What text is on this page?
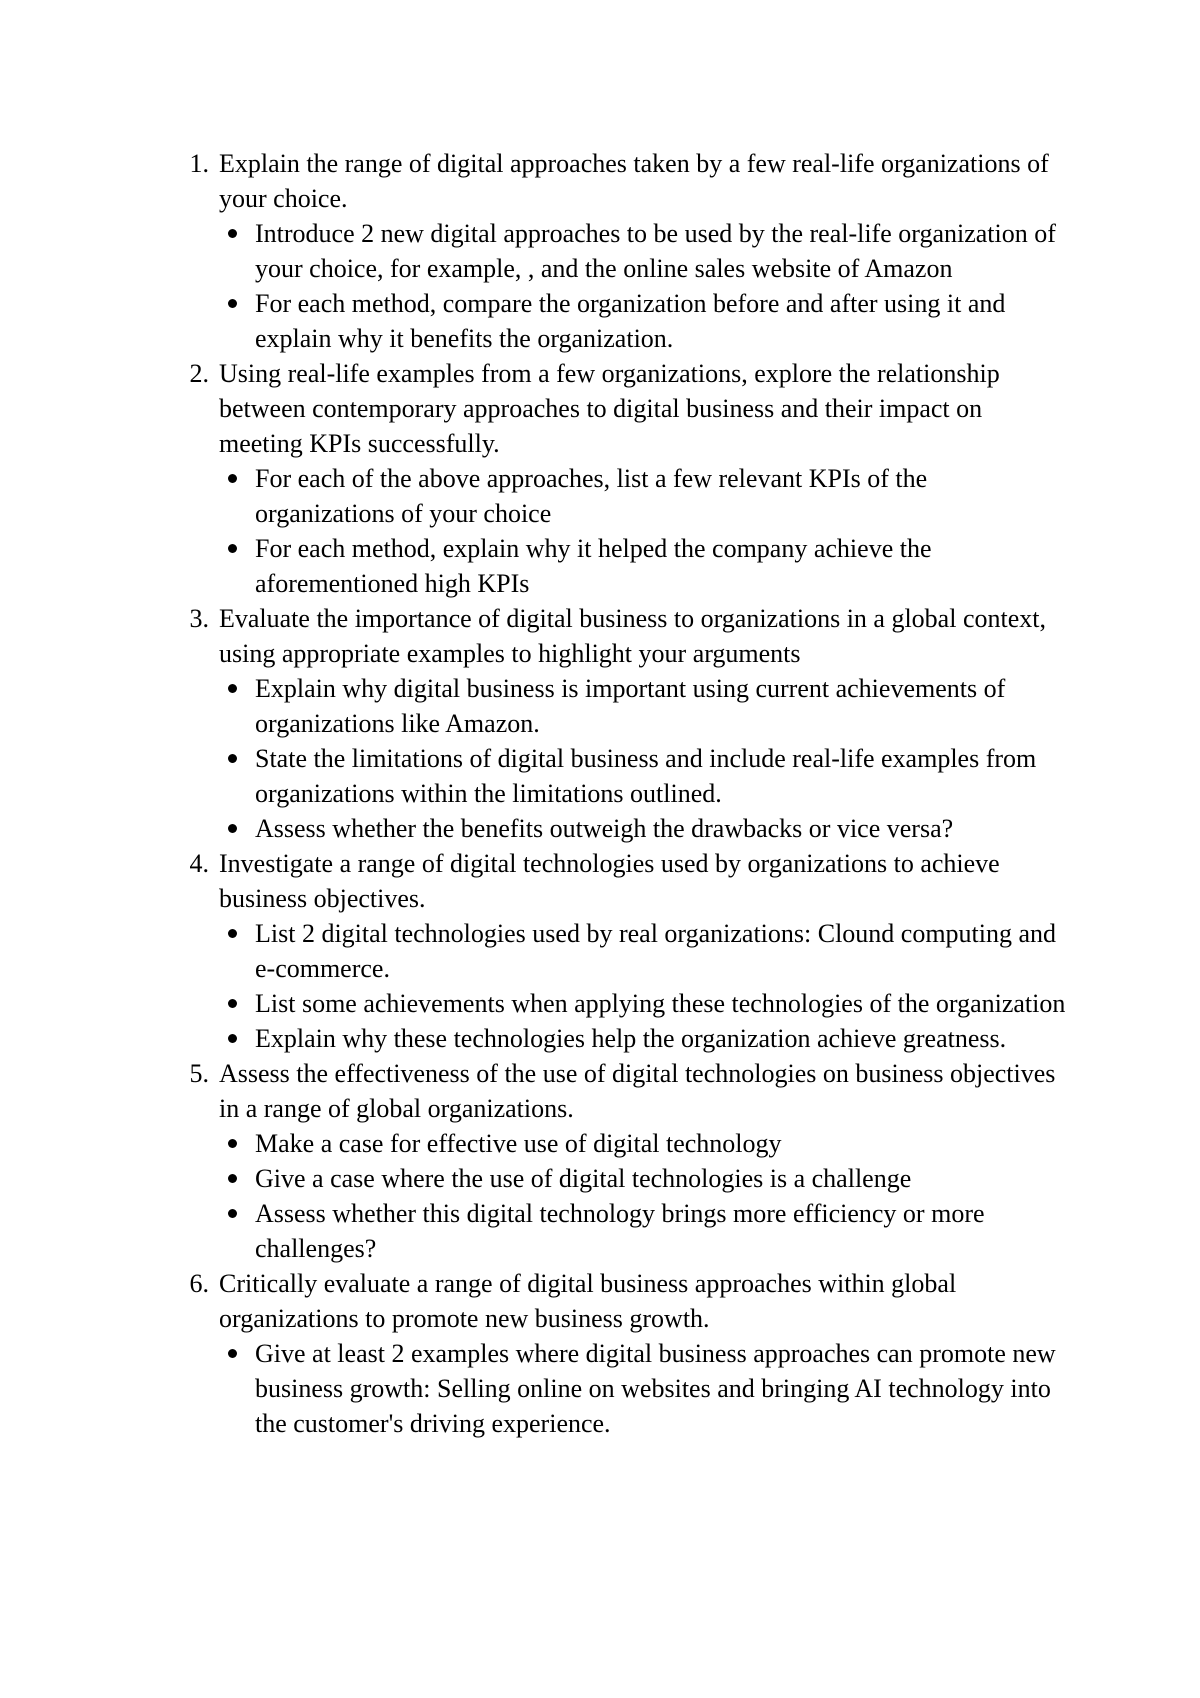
1. Explain the range of digital approaches taken by a few real-life organizations of your choice.
Introduce 2 new digital approaches to be used by the real-life organization of your choice, for example, , and the online sales website of Amazon
For each method, compare the organization before and after using it and explain why it benefits the organization.
2. Using real-life examples from a few organizations, explore the relationship between contemporary approaches to digital business and their impact on meeting KPIs successfully.
For each of the above approaches, list a few relevant KPIs of the organizations of your choice
For each method, explain why it helped the company achieve the aforementioned high KPIs
3. Evaluate the importance of digital business to organizations in a global context, using appropriate examples to highlight your arguments
Explain why digital business is important using current achievements of organizations like Amazon.
State the limitations of digital business and include real-life examples from organizations within the limitations outlined.
Assess whether the benefits outweigh the drawbacks or vice versa?
4. Investigate a range of digital technologies used by organizations to achieve business objectives.
List 2 digital technologies used by real organizations: Clound computing and e-commerce.
List some achievements when applying these technologies of the organization
Explain why these technologies help the organization achieve greatness.
5. Assess the effectiveness of the use of digital technologies on business objectives in a range of global organizations.
Make a case for effective use of digital technology
Give a case where the use of digital technologies is a challenge
Assess whether this digital technology brings more efficiency or more challenges?
6. Critically evaluate a range of digital business approaches within global organizations to promote new business growth.
Give at least 2 examples where digital business approaches can promote new business growth: Selling online on websites and bringing AI technology into the customer's driving experience.
